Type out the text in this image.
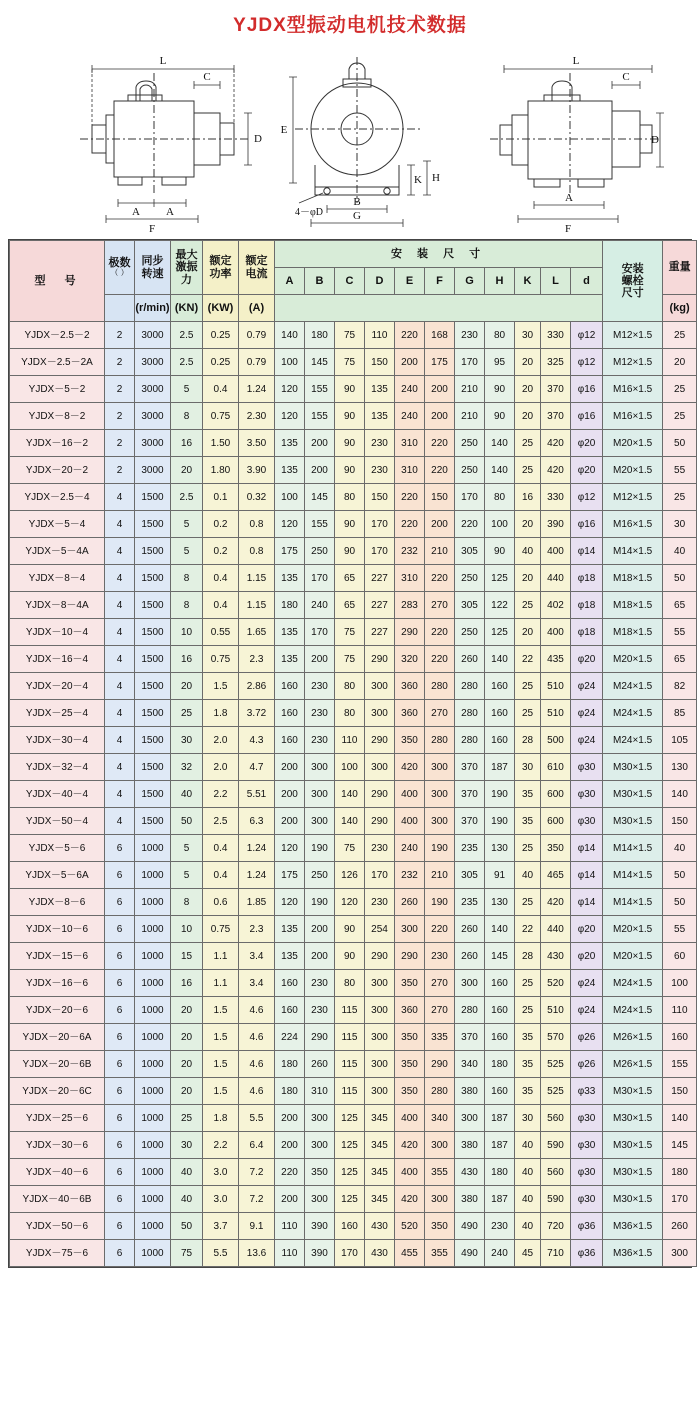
YJDX型振动电机技术数据
L
C
D
A A
F
E
B
G
K H
4－φD
L
C
D
A
F
型　号	
极数
（ ）
	同步
转速	最大
激振
力	额定
功率	额定
电流	安 装 尺 寸	安装
螺栓
尺寸	重量
						A	B	C	D	E	F	G	H	K	L	d		
		(r/min)	(KN)	(KW)	(A)													(kg)
YJDX－2.5－2	2	3000	2.5	0.25	0.79	140	180	75	110	220	168	230	80	30	330	φ12	M12×1.5	25
YJDX－2.5－2A	2	3000	2.5	0.25	0.79	100	145	75	150	200	175	170	95	20	325	φ12	M12×1.5	20
YJDX－5－2	2	3000	5	0.4	1.24	120	155	90	135	240	200	210	90	20	370	φ16	M16×1.5	25
YJDX－8－2	2	3000	8	0.75	2.30	120	155	90	135	240	200	210	90	20	370	φ16	M16×1.5	25
YJDX－16－2	2	3000	16	1.50	3.50	135	200	90	230	310	220	250	140	25	420	φ20	M20×1.5	50
YJDX－20－2	2	3000	20	1.80	3.90	135	200	90	230	310	220	250	140	25	420	φ20	M20×1.5	55
YJDX－2.5－4	4	1500	2.5	0.1	0.32	100	145	80	150	220	150	170	80	16	330	φ12	M12×1.5	25
YJDX－5－4	4	1500	5	0.2	0.8	120	155	90	170	220	200	220	100	20	390	φ16	M16×1.5	30
YJDX－5－4A	4	1500	5	0.2	0.8	175	250	90	170	232	210	305	90	40	400	φ14	M14×1.5	40
YJDX－8－4	4	1500	8	0.4	1.15	135	170	65	227	310	220	250	125	20	440	φ18	M18×1.5	50
YJDX－8－4A	4	1500	8	0.4	1.15	180	240	65	227	283	270	305	122	25	402	φ18	M18×1.5	65
YJDX－10－4	4	1500	10	0.55	1.65	135	170	75	227	290	220	250	125	20	400	φ18	M18×1.5	55
YJDX－16－4	4	1500	16	0.75	2.3	135	200	75	290	320	220	260	140	22	435	φ20	M20×1.5	65
YJDX－20－4	4	1500	20	1.5	2.86	160	230	80	300	360	280	280	160	25	510	φ24	M24×1.5	82
YJDX－25－4	4	1500	25	1.8	3.72	160	230	80	300	360	270	280	160	25	510	φ24	M24×1.5	85
YJDX－30－4	4	1500	30	2.0	4.3	160	230	110	290	350	280	280	160	28	500	φ24	M24×1.5	105
YJDX－32－4	4	1500	32	2.0	4.7	200	300	100	300	420	300	370	187	30	610	φ30	M30×1.5	130
YJDX－40－4	4	1500	40	2.2	5.51	200	300	140	290	400	300	370	190	35	600	φ30	M30×1.5	140
YJDX－50－4	4	1500	50	2.5	6.3	200	300	140	290	400	300	370	190	35	600	φ30	M30×1.5	150
YJDX－5－6	6	1000	5	0.4	1.24	120	190	75	230	240	190	235	130	25	350	φ14	M14×1.5	40
YJDX－5－6A	6	1000	5	0.4	1.24	175	250	126	170	232	210	305	91	40	465	φ14	M14×1.5	50
YJDX－8－6	6	1000	8	0.6	1.85	120	190	120	230	260	190	235	130	25	420	φ14	M14×1.5	50
YJDX－10－6	6	1000	10	0.75	2.3	135	200	90	254	300	220	260	140	22	440	φ20	M20×1.5	55
YJDX－15－6	6	1000	15	1.1	3.4	135	200	90	290	290	230	260	145	28	430	φ20	M20×1.5	60
YJDX－16－6	6	1000	16	1.1	3.4	160	230	80	300	350	270	300	160	25	520	φ24	M24×1.5	100
YJDX－20－6	6	1000	20	1.5	4.6	160	230	115	300	360	270	280	160	25	510	φ24	M24×1.5	110
YJDX－20－6A	6	1000	20	1.5	4.6	224	290	115	300	350	335	370	160	35	570	φ26	M26×1.5	160
YJDX－20－6B	6	1000	20	1.5	4.6	180	260	115	300	350	290	340	180	35	525	φ26	M26×1.5	155
YJDX－20－6C	6	1000	20	1.5	4.6	180	310	115	300	350	280	380	160	35	525	φ33	M30×1.5	150
YJDX－25－6	6	1000	25	1.8	5.5	200	300	125	345	400	340	300	187	30	560	φ30	M30×1.5	140
YJDX－30－6	6	1000	30	2.2	6.4	200	300	125	345	420	300	380	187	40	590	φ30	M30×1.5	145
YJDX－40－6	6	1000	40	3.0	7.2	220	350	125	345	400	355	430	180	40	560	φ30	M30×1.5	180
YJDX－40－6B	6	1000	40	3.0	7.2	200	300	125	345	420	300	380	187	40	590	φ30	M30×1.5	170
YJDX－50－6	6	1000	50	3.7	9.1	110	390	160	430	520	350	490	230	40	720	φ36	M36×1.5	260
YJDX－75－6	6	1000	75	5.5	13.6	110	390	170	430	455	355	490	240	45	710	φ36	M36×1.5	300
